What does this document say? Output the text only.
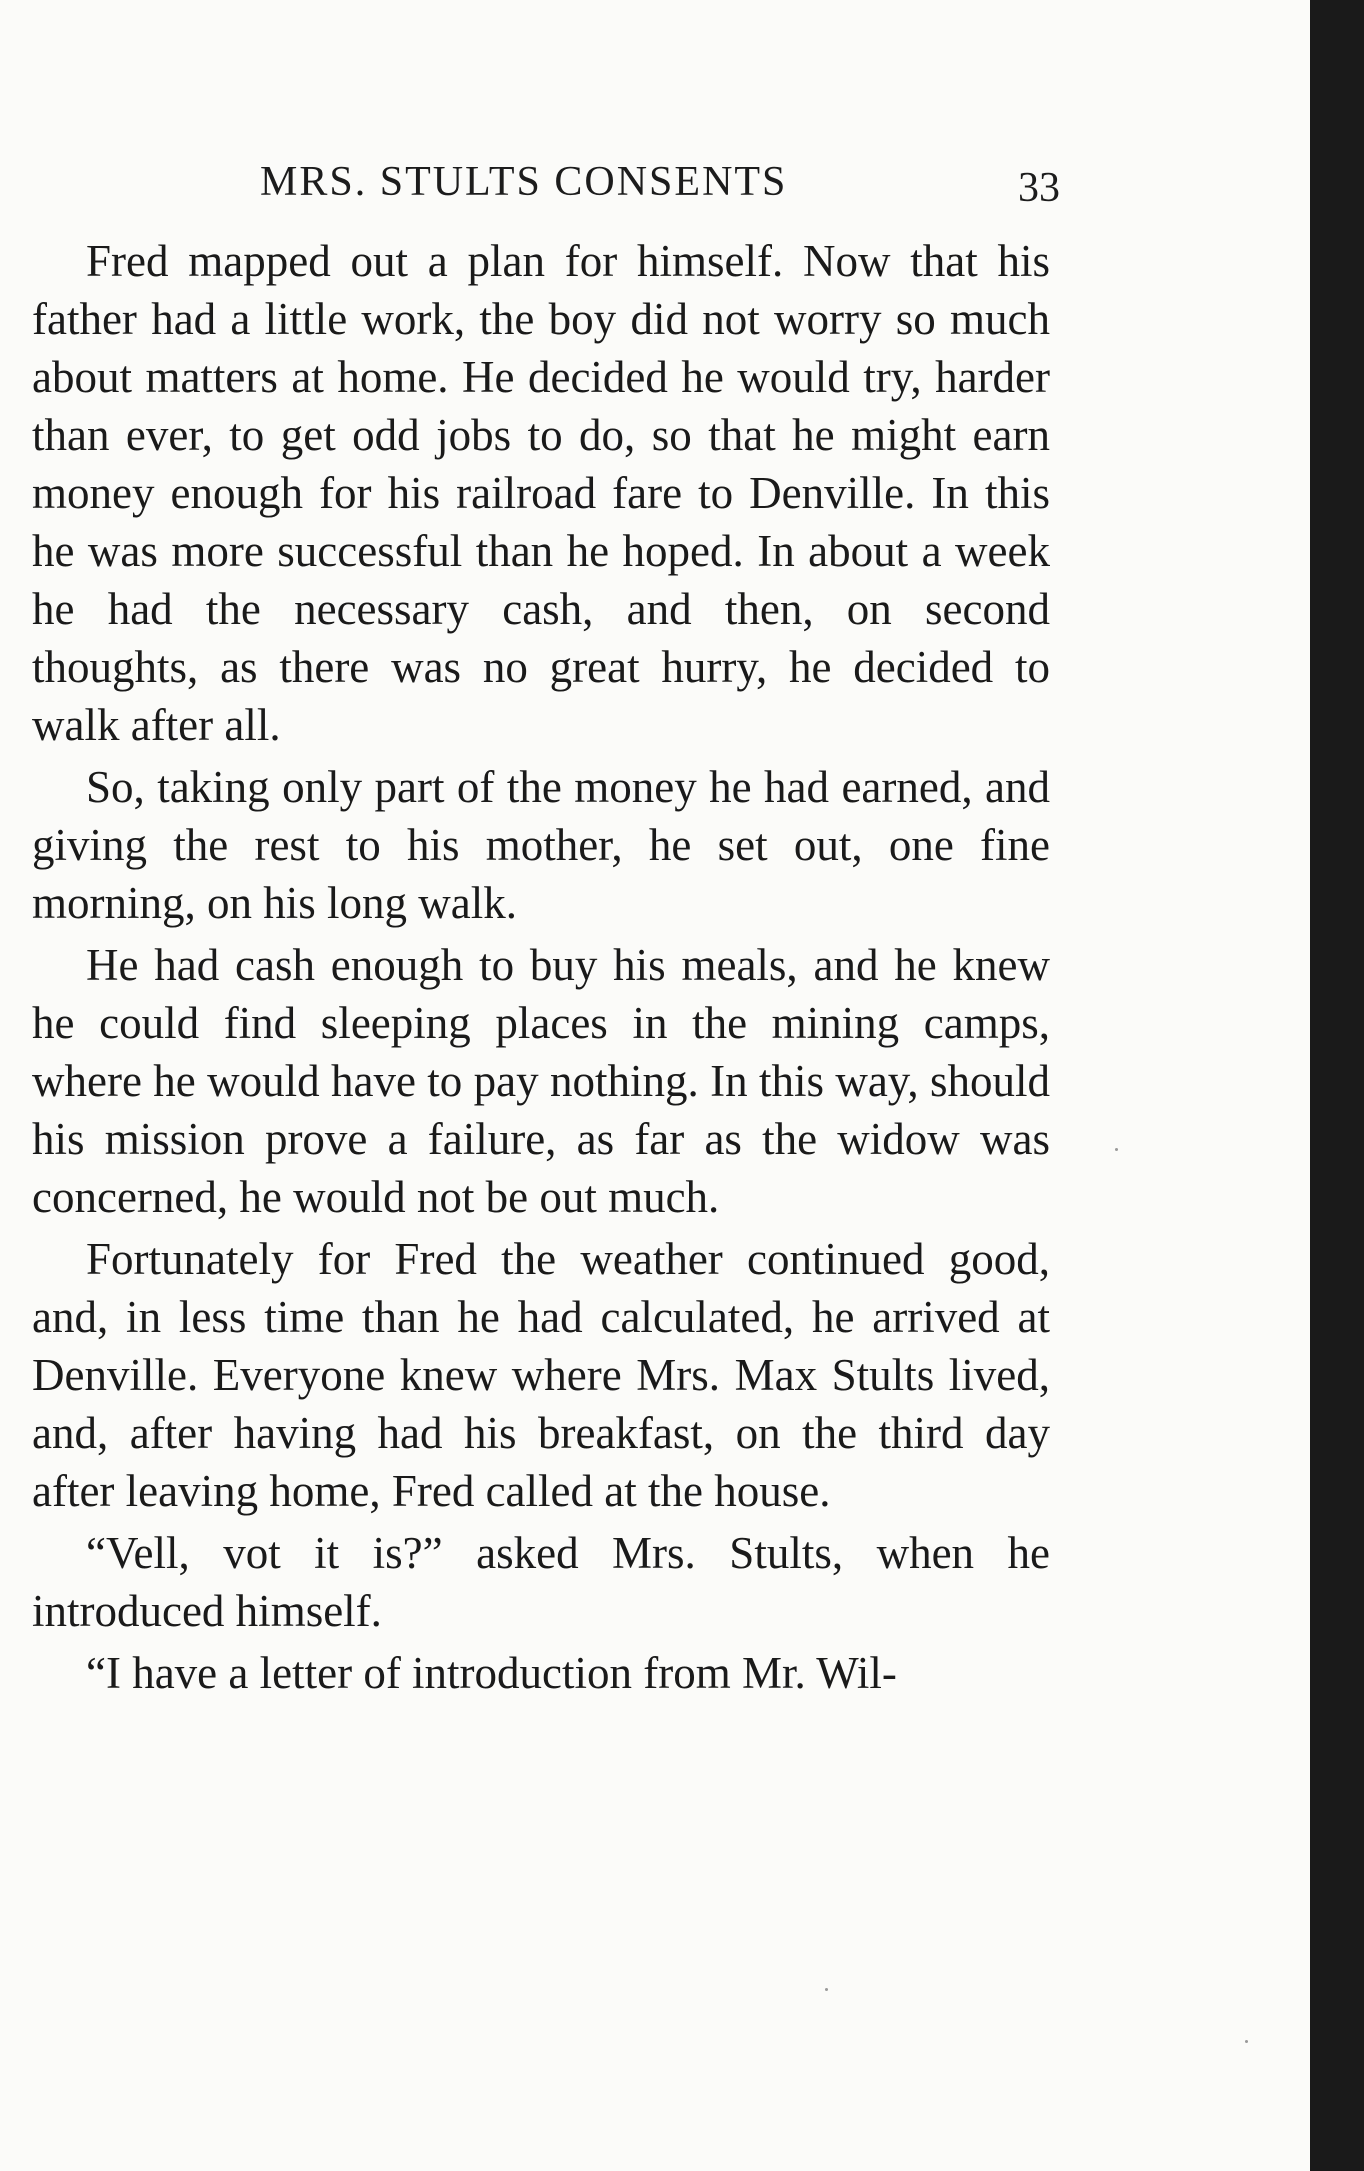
MRS. STULTS CONSENTS	33

Fred mapped out a plan for himself. Now that his father had a little work, the boy did not worry so much about matters at home. He decided he would try, harder than ever, to get odd jobs to do, so that he might earn money enough for his railroad fare to Denville. In this he was more successful than he hoped. In about a week he had the necessary cash, and then, on second thoughts, as there was no great hurry, he decided to walk after all.

So, taking only part of the money he had earned, and giving the rest to his mother, he set out, one fine morning, on his long walk.

He had cash enough to buy his meals, and he knew he could find sleeping places in the mining camps, where he would have to pay nothing. In this way, should his mission prove a failure, as far as the widow was concerned, he would not be out much.

Fortunately for Fred the weather continued good, and, in less time than he had calculated, he arrived at Denville. Everyone knew where Mrs. Max Stults lived, and, after having had his breakfast, on the third day after leaving home, Fred called at the house.

“Vell, vot it is?” asked Mrs. Stults, when he introduced himself.

“I have a letter of introduction from Mr. Wil-
